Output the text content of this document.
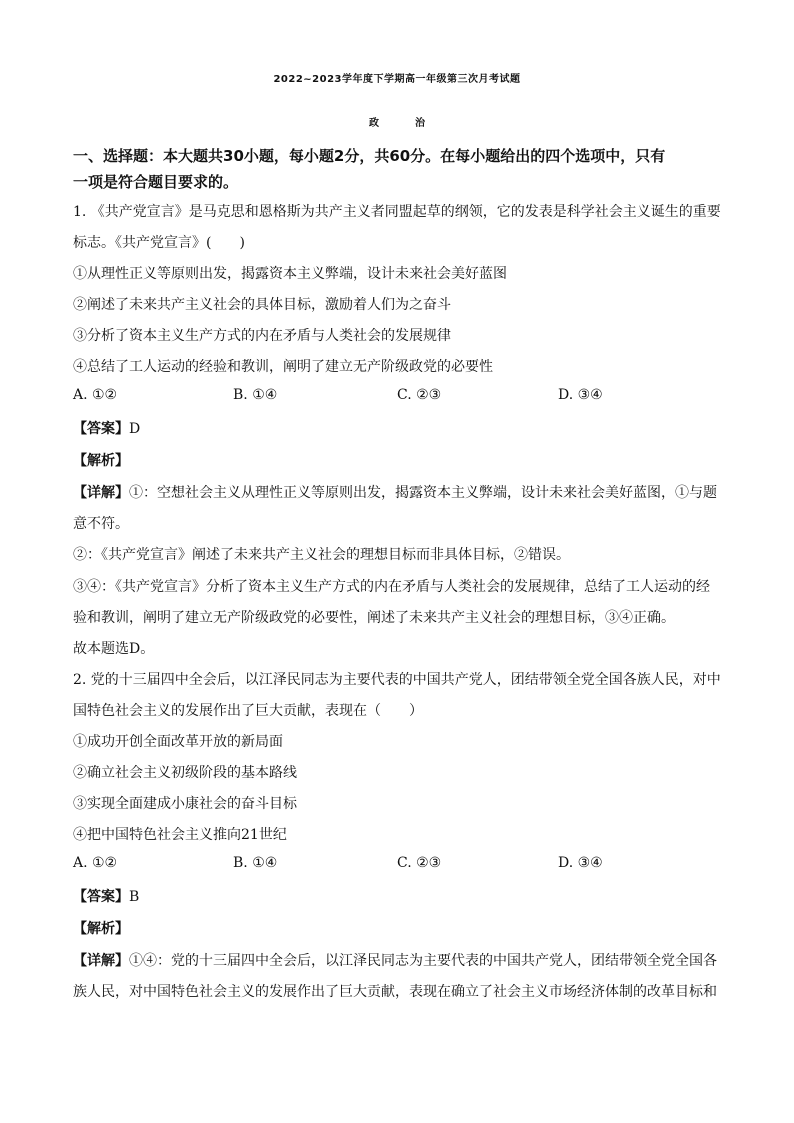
2022~2023学年度下学期高一年级第三次月考试题
政	治
一、选择题：本大题共30小题，每小题2分，共60分。在每小题给出的四个选项中，只有
一项是符合题目要求的。
1. 《共产党宣言》是马克思和恩格斯为共产主义者同盟起草的纲领，它的发表是科学社会主义诞生的重要
标志。《共产党宣言》(　　)
①从理性正义等原则出发，揭露资本主义弊端，设计未来社会美好蓝图
②阐述了未来共产主义社会的具体目标，激励着人们为之奋斗
③分析了资本主义生产方式的内在矛盾与人类社会的发展规律
④总结了工人运动的经验和教训，阐明了建立无产阶级政党的必要性
A. ①②	B. ①④	C. ②③	D. ③④
【答案】D
【解析】
【详解】①：空想社会主义从理性正义等原则出发，揭露资本主义弊端，设计未来社会美好蓝图，①与题
意不符。
②：《共产党宣言》阐述了未来共产主义社会的理想目标而非具体目标，②错误。
③④：《共产党宣言》分析了资本主义生产方式的内在矛盾与人类社会的发展规律，总结了工人运动的经
验和教训，阐明了建立无产阶级政党的必要性，阐述了未来共产主义社会的理想目标，③④正确。
故本题选D。
2. 党的十三届四中全会后，以江泽民同志为主要代表的中国共产党人，团结带领全党全国各族人民，对中
国特色社会主义的发展作出了巨大贡献，表现在（　　）
①成功开创全面改革开放的新局面
②确立社会主义初级阶段的基本路线
③实现全面建成小康社会的奋斗目标
④把中国特色社会主义推向21世纪
A. ①②	B. ①④	C. ②③	D. ③④
【答案】B
【解析】
【详解】①④：党的十三届四中全会后，以江泽民同志为主要代表的中国共产党人，团结带领全党全国各
族人民，对中国特色社会主义的发展作出了巨大贡献，表现在确立了社会主义市场经济体制的改革目标和
